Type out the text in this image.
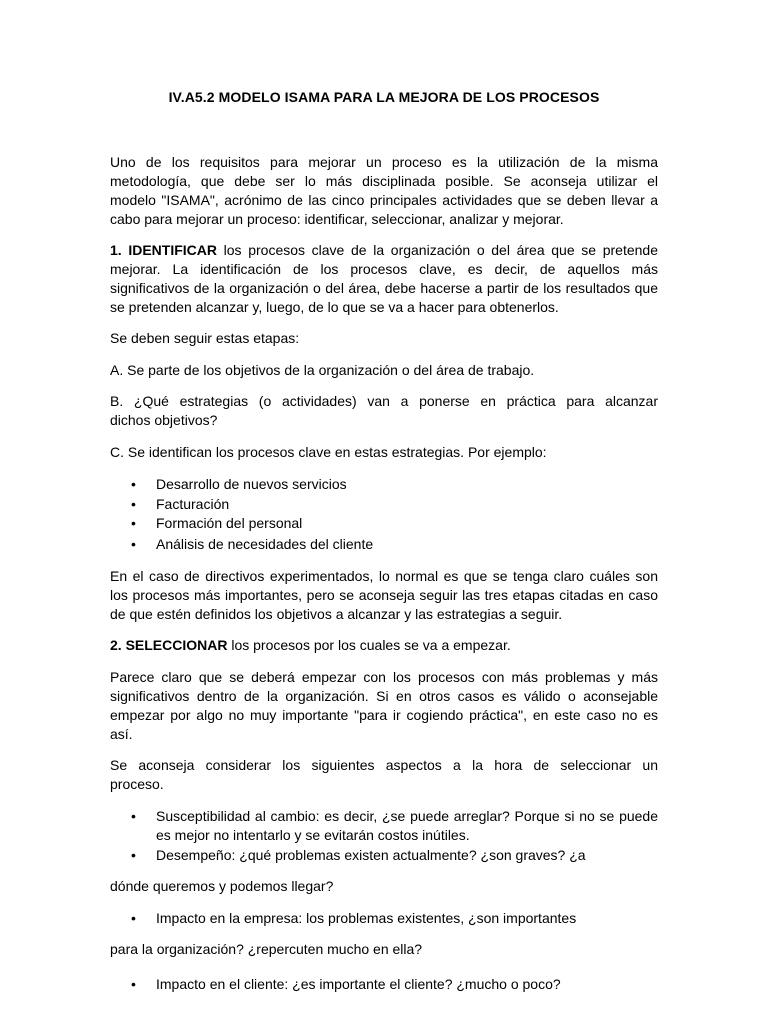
IV.A5.2 MODELO ISAMA PARA LA MEJORA DE LOS PROCESOS
Uno de los requisitos para mejorar un proceso es la utilización de la misma
metodología, que debe ser lo más disciplinada posible. Se aconseja utilizar el
modelo "ISAMA", acrónimo de las cinco principales actividades que se deben llevar a
cabo para mejorar un proceso: identificar, seleccionar, analizar y mejorar.
1. IDENTIFICAR los procesos clave de la organización o del área que se pretende
mejorar. La identificación de los procesos clave, es decir, de aquellos más
significativos de la organización o del área, debe hacerse a partir de los resultados que
se pretenden alcanzar y, luego, de lo que se va a hacer para obtenerlos.
Se deben seguir estas etapas:
A. Se parte de los objetivos de la organización o del área de trabajo.
B. ¿Qué estrategias (o actividades) van a ponerse en práctica para alcanzar
dichos objetivos?
C. Se identifican los procesos clave en estas estrategias. Por ejemplo:
• Desarrollo de nuevos servicios
• Facturación
• Formación del personal
• Análisis de necesidades del cliente
En el caso de directivos experimentados, lo normal es que se tenga claro cuáles son
los procesos más importantes, pero se aconseja seguir las tres etapas citadas en caso
de que estén definidos los objetivos a alcanzar y las estrategias a seguir.
2. SELECCIONAR los procesos por los cuales se va a empezar.
Parece claro que se deberá empezar con los procesos con más problemas y más
significativos dentro de la organización. Si en otros casos es válido o aconsejable
empezar por algo no muy importante "para ir cogiendo práctica", en este caso no es
así.
Se aconseja considerar los siguientes aspectos a la hora de seleccionar un
proceso.
• Susceptibilidad al cambio: es decir, ¿se puede arreglar? Porque si no se puede
es mejor no intentarlo y se evitarán costos inútiles.
• Desempeño: ¿qué problemas existen actualmente? ¿son graves? ¿a
dónde queremos y podemos llegar?
• Impacto en la empresa: los problemas existentes, ¿son importantes
para la organización? ¿repercuten mucho en ella?
• Impacto en el cliente: ¿es importante el cliente? ¿mucho o poco?
